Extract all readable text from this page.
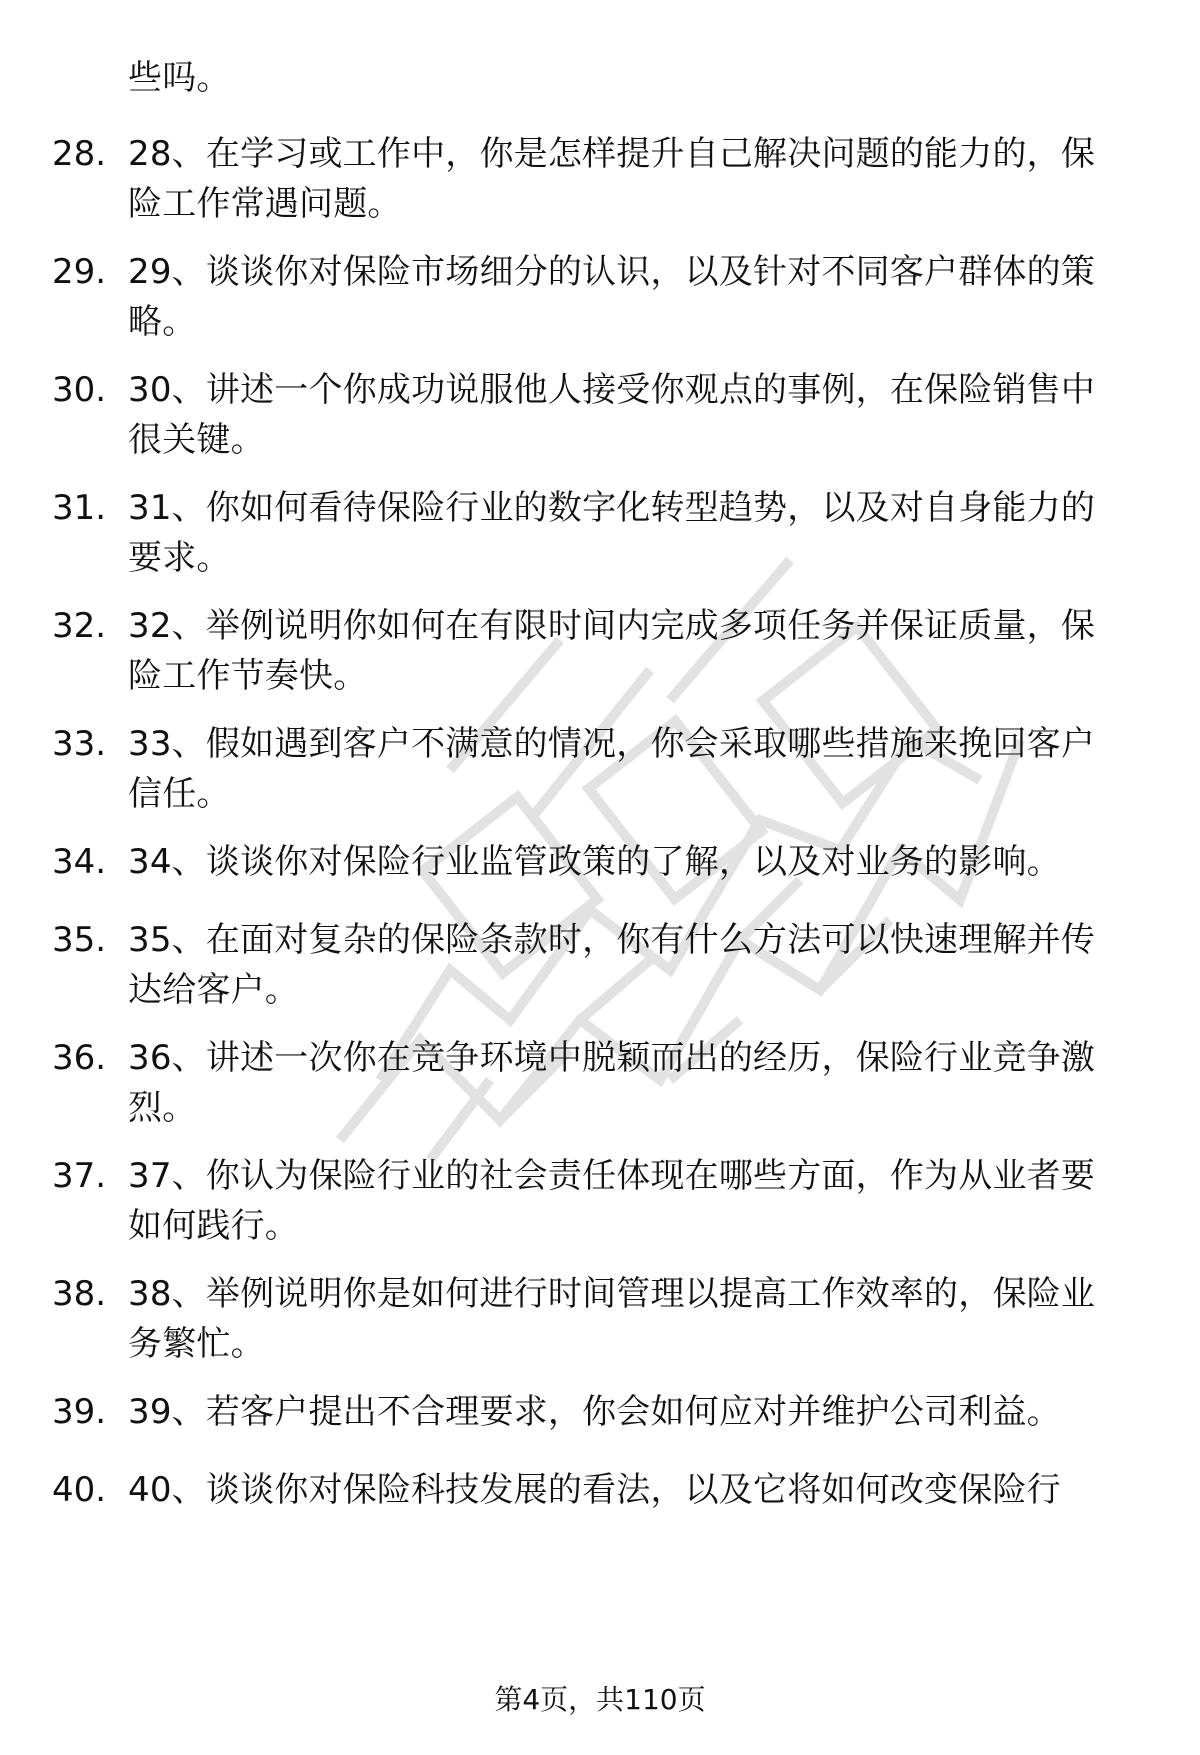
些吗。
28. 28、在学习或工作中，你是怎样提升自己解决问题的能力的，保
险工作常遇问题。
29. 29、谈谈你对保险市场细分的认识，以及针对不同客户群体的策
略。
30. 30、讲述一个你成功说服他人接受你观点的事例，在保险销售中
很关键。
31. 31、你如何看待保险行业的数字化转型趋势，以及对自身能力的
要求。
32. 32、举例说明你如何在有限时间内完成多项任务并保证质量，保
险工作节奏快。
33. 33、假如遇到客户不满意的情况，你会采取哪些措施来挽回客户
信任。
34. 34、谈谈你对保险行业监管政策的了解，以及对业务的影响。
35. 35、在面对复杂的保险条款时，你有什么方法可以快速理解并传
达给客户。
36. 36、讲述一次你在竞争环境中脱颖而出的经历，保险行业竞争激
烈。
37. 37、你认为保险行业的社会责任体现在哪些方面，作为从业者要
如何践行。
38. 38、举例说明你是如何进行时间管理以提高工作效率的，保险业
务繁忙。
39. 39、若客户提出不合理要求，你会如何应对并维护公司利益。
40. 40、谈谈你对保险科技发展的看法，以及它将如何改变保险行
第4页，共110页
